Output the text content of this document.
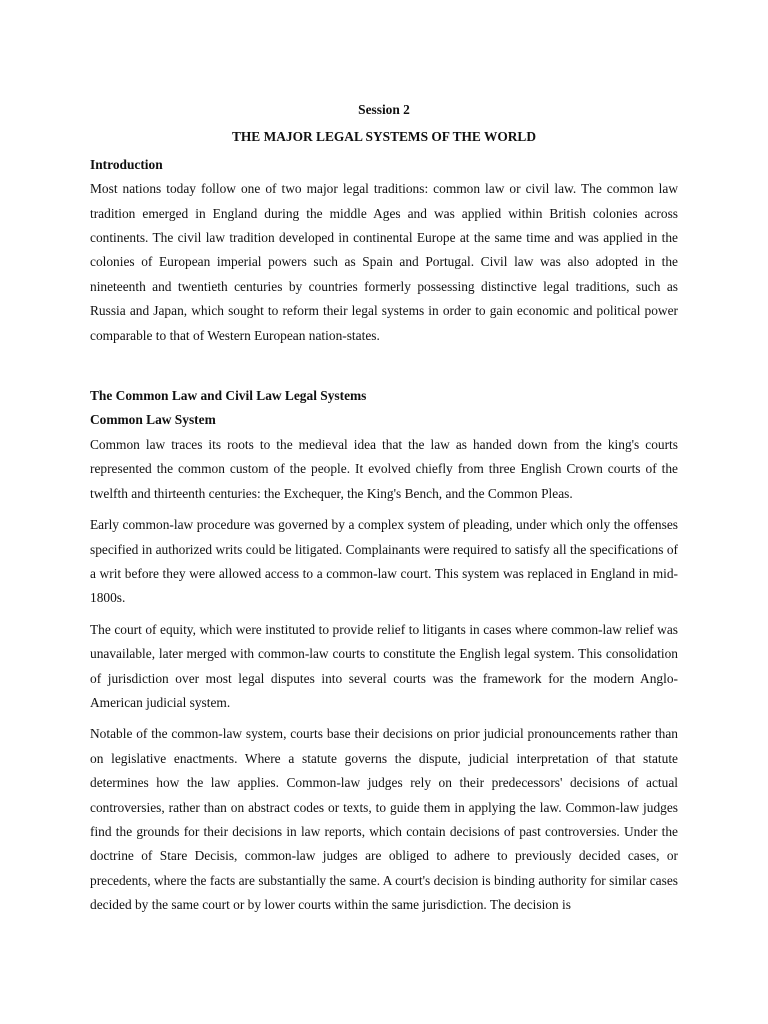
Session 2

THE MAJOR LEGAL SYSTEMS OF THE WORLD

Introduction

Most nations today follow one of two major legal traditions: common law or civil law. The common law tradition emerged in England during the middle Ages and was applied within British colonies across continents. The civil law tradition developed in continental Europe at the same time and was applied in the colonies of European imperial powers such as Spain and Portugal. Civil law was also adopted in the nineteenth and twentieth centuries by countries formerly possessing distinctive legal traditions, such as Russia and Japan, which sought to reform their legal systems in order to gain economic and political power comparable to that of Western European nation-states.

The Common Law and Civil Law Legal Systems

Common Law System

Common law traces its roots to the medieval idea that the law as handed down from the king's courts represented the common custom of the people. It evolved chiefly from three English Crown courts of the twelfth and thirteenth centuries: the Exchequer, the King's Bench, and the Common Pleas.

Early common-law procedure was governed by a complex system of pleading, under which only the offenses specified in authorized writs could be litigated. Complainants were required to satisfy all the specifications of a writ before they were allowed access to a common-law court. This system was replaced in England in mid-1800s.

The court of equity, which were instituted to provide relief to litigants in cases where common-law relief was unavailable, later merged with common-law courts to constitute the English legal system. This consolidation of jurisdiction over most legal disputes into several courts was the framework for the modern Anglo-American judicial system.

Notable of the common-law system, courts base their decisions on prior judicial pronouncements rather than on legislative enactments. Where a statute governs the dispute, judicial interpretation of that statute determines how the law applies. Common-law judges rely on their predecessors' decisions of actual controversies, rather than on abstract codes or texts, to guide them in applying the law. Common-law judges find the grounds for their decisions in law reports, which contain decisions of past controversies. Under the doctrine of Stare Decisis, common-law judges are obliged to adhere to previously decided cases, or precedents, where the facts are substantially the same. A court's decision is binding authority for similar cases decided by the same court or by lower courts within the same jurisdiction. The decision is
